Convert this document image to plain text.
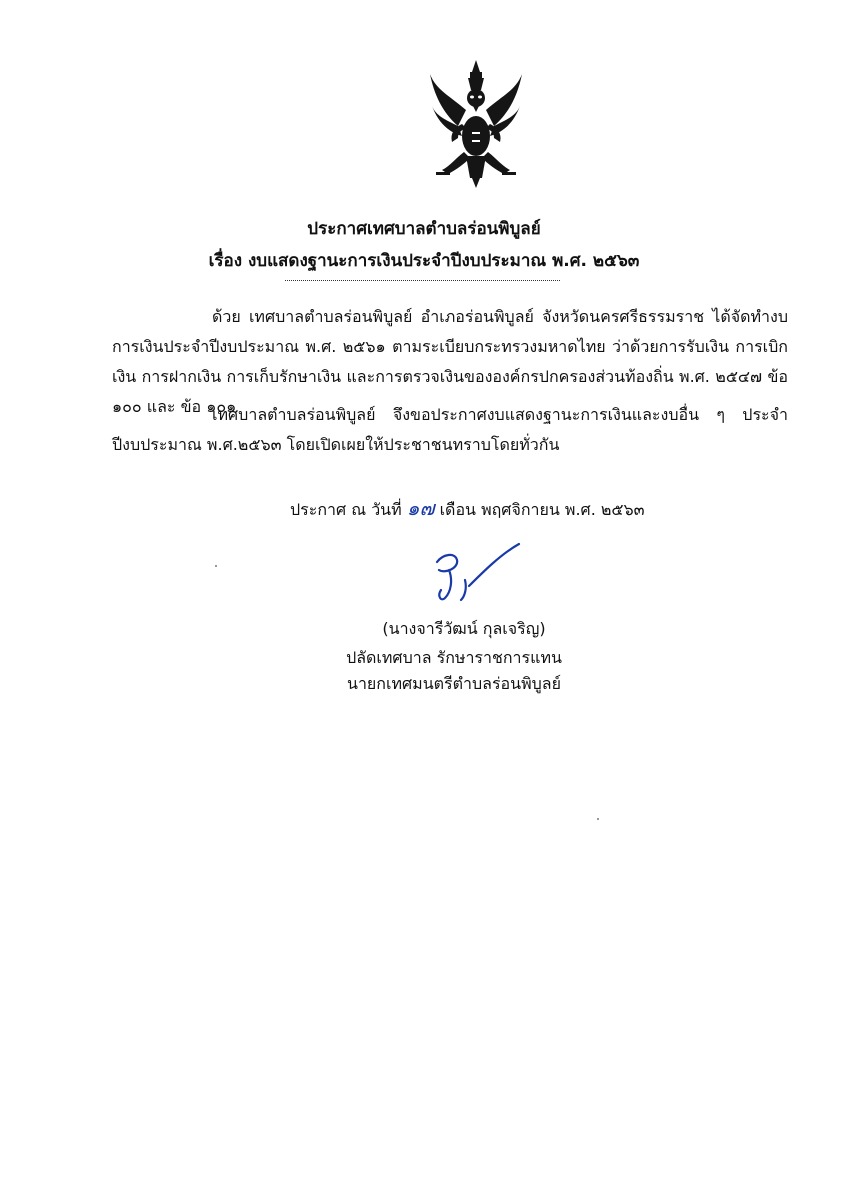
ประกาศเทศบาลตำบลร่อนพิบูลย์
เรื่อง งบแสดงฐานะการเงินประจำปีงบประมาณ พ.ศ. ๒๕๖๓
ด้วย เทศบาลตำบลร่อนพิบูลย์ อำเภอร่อนพิบูลย์ จังหวัดนครศรีธรรมราช ได้จัดทำงบการเงินประจำปีงบประมาณ พ.ศ. ๒๕๖๑ ตามระเบียบกระทรวงมหาดไทย ว่าด้วยการรับเงิน การเบิกเงิน การฝากเงิน การเก็บรักษาเงิน และการตรวจเงินขององค์กรปกครองส่วนท้องถิ่น พ.ศ. ๒๕๔๗ ข้อ ๑๐๐ และ ข้อ ๑๐๑
เทศบาลตำบลร่อนพิบูลย์ จึงขอประกาศงบแสดงฐานะการเงินและงบอื่น ๆ ประจำปีงบประมาณ พ.ศ.๒๕๖๓ โดยเปิดเผยให้ประชาชนทราบโดยทั่วกัน
ประกาศ ณ วันที่ ๑๗ เดือน พฤศจิกายน พ.ศ. ๒๕๖๓
(นางจารีวัฒน์ กุลเจริญ)
ปลัดเทศบาล รักษาราชการแทน
นายกเทศมนตรีตำบลร่อนพิบูลย์
